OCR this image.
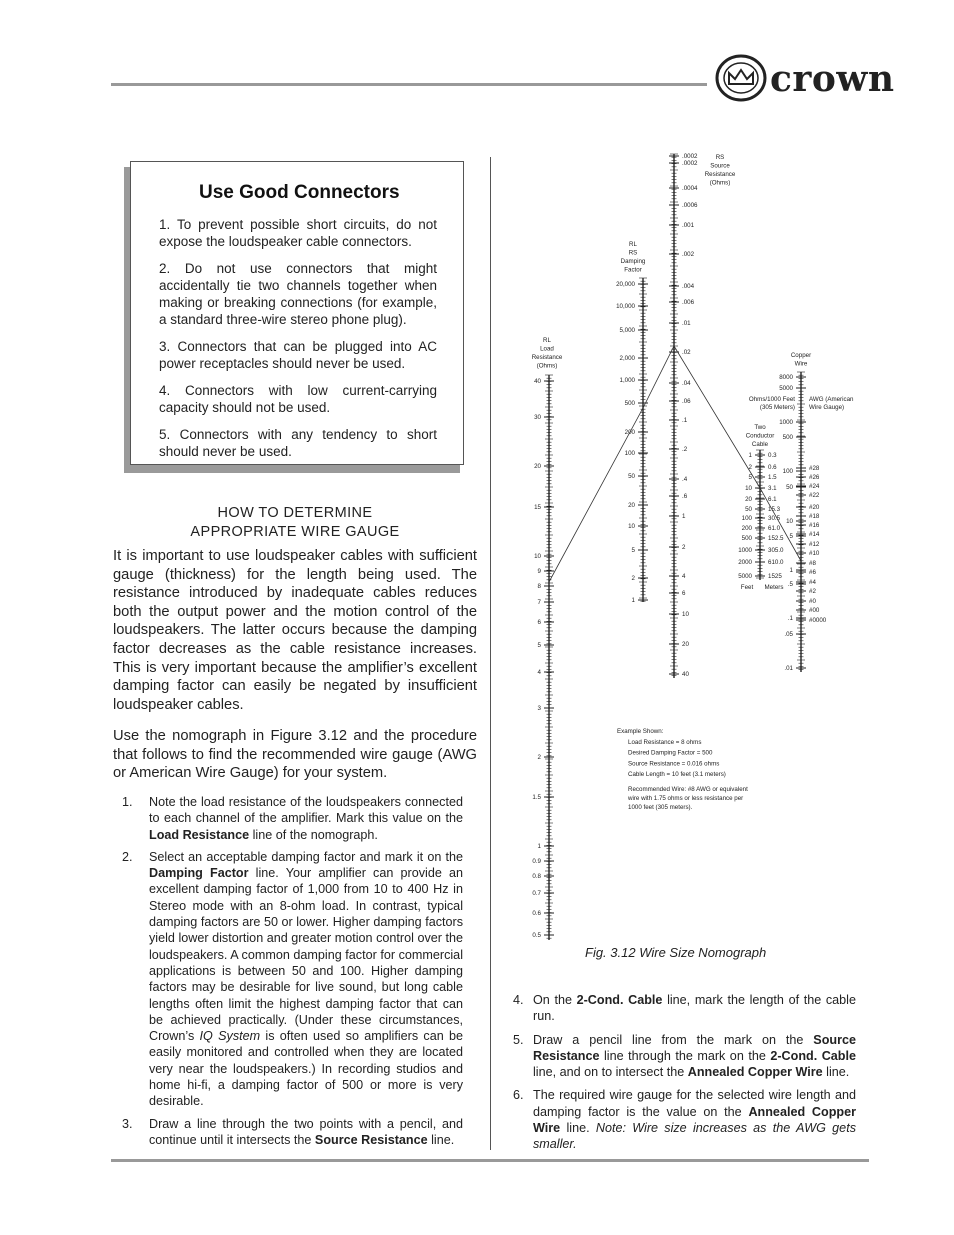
crown
Use Good Connectors

1. To prevent possible short circuits, do not expose the loudspeaker cable connectors.

2. Do not use connectors that might accidentally tie two channels together when making or breaking connections (for example, a standard three-wire stereo phone plug).

3. Connectors that can be plugged into AC power receptacles should never be used.

4. Connectors with low current-carrying capacity should not be used.

5. Connectors with any tendency to short should never be used.

HOW TO DETERMINE
APPROPRIATE WIRE GAUGE
It is important to use loudspeaker cables with sufficient gauge (thickness) for the length being used. The resistance introduced by inadequate cables reduces both the output power and the motion control of the loudspeakers. The latter occurs because the damping factor decreases as the cable resistance increases. This is very important because the amplifier’s excellent damping factor can easily be negated by insufficient loudspeaker cables.
Use the nomograph in Figure 3.12 and the procedure that follows to find the recommended wire gauge (AWG or American Wire Gauge) for your system.
1.	Note the load resistance of the loudspeakers connected to each channel of the amplifier. Mark this value on the Load Resistance line of the nomograph.
2.	Select an acceptable damping factor and mark it on the Damping Factor line. Your amplifier can provide an excellent damping factor of 1,000 from 10 to 400 Hz in Stereo mode with an 8-ohm load. In contrast, typical damping factors are 50 or lower. Higher damping factors yield lower distortion and greater motion control over the loudspeakers. A common damping factor for commercial applications is between 50 and 100. Higher damping factors may be desirable for live sound, but long cable lengths often limit the highest damping factor that can be achieved practically. (Under these circumstances, Crown’s IQ System is often used so amplifiers can be easily monitored and controlled when they are located very near the loudspeakers.) In recording studios and home hi-fi, a damping factor of 500 or more is very desirable.
3.	Draw a line through the two points with a pencil, and continue until it intersects the Source Resistance line.
40
30
20
15
10
9
8
7
6
5
4
3
2
1.5
1
0.9
0.8
0.7
0.6
0.5
RL
Load
Resistance
(Ohms)
20,000
10,000
5,000
2,000
1,000
500
200
100
50
20
10
5
2
1
RL
RS
Damping
Factor
.0002
.0002
.0004
.0006
.001
.002
.004
.006
.01
.02
.04
.06
.1
.2
.4
.6
1
2
4
6
10
20
40
RS
Source
Resistance
(Ohms)
1
2
5
10
20
50
100
200
500
1000
2000
5000
0.3
0.6
1.5
3.1
6.1
15.3
30.5
61.0
152.5
305.0
610.0
1525
Two
Conductor
Cable
Feet Meters
8000
5000
1000
500
100
50
10
5
1
.5
.1
.05
.01
#28
#26
#24
#22
#20
#18
#16
#14
#12
#10
#8
#6
#4
#2
#0
#00
#0000
Copper
Wire
Ohms/1000 Feet
(305 Meters)
AWG (American
Wire Gauge)
Example Shown:
Load Resistance = 8 ohms
Desired Damping Factor = 500
Source Resistance = 0.016 ohms
Cable Length = 10 feet (3.1 meters)
Recommended Wire: #8 AWG or equivalent
wire with 1.75 ohms or less resistance per
1000 feet (305 meters).
Fig. 3.12 Wire Size Nomograph
4. On the 2-Cond. Cable line, mark the length of the cable run.
5. Draw a pencil line from the mark on the Source Resistance line through the mark on the 2-Cond. Cable line, and on to intersect the Annealed Copper Wire line.
6. The required wire gauge for the selected wire length and damping factor is the value on the Annealed Copper Wire line. Note: Wire size increases as the AWG gets smaller.
